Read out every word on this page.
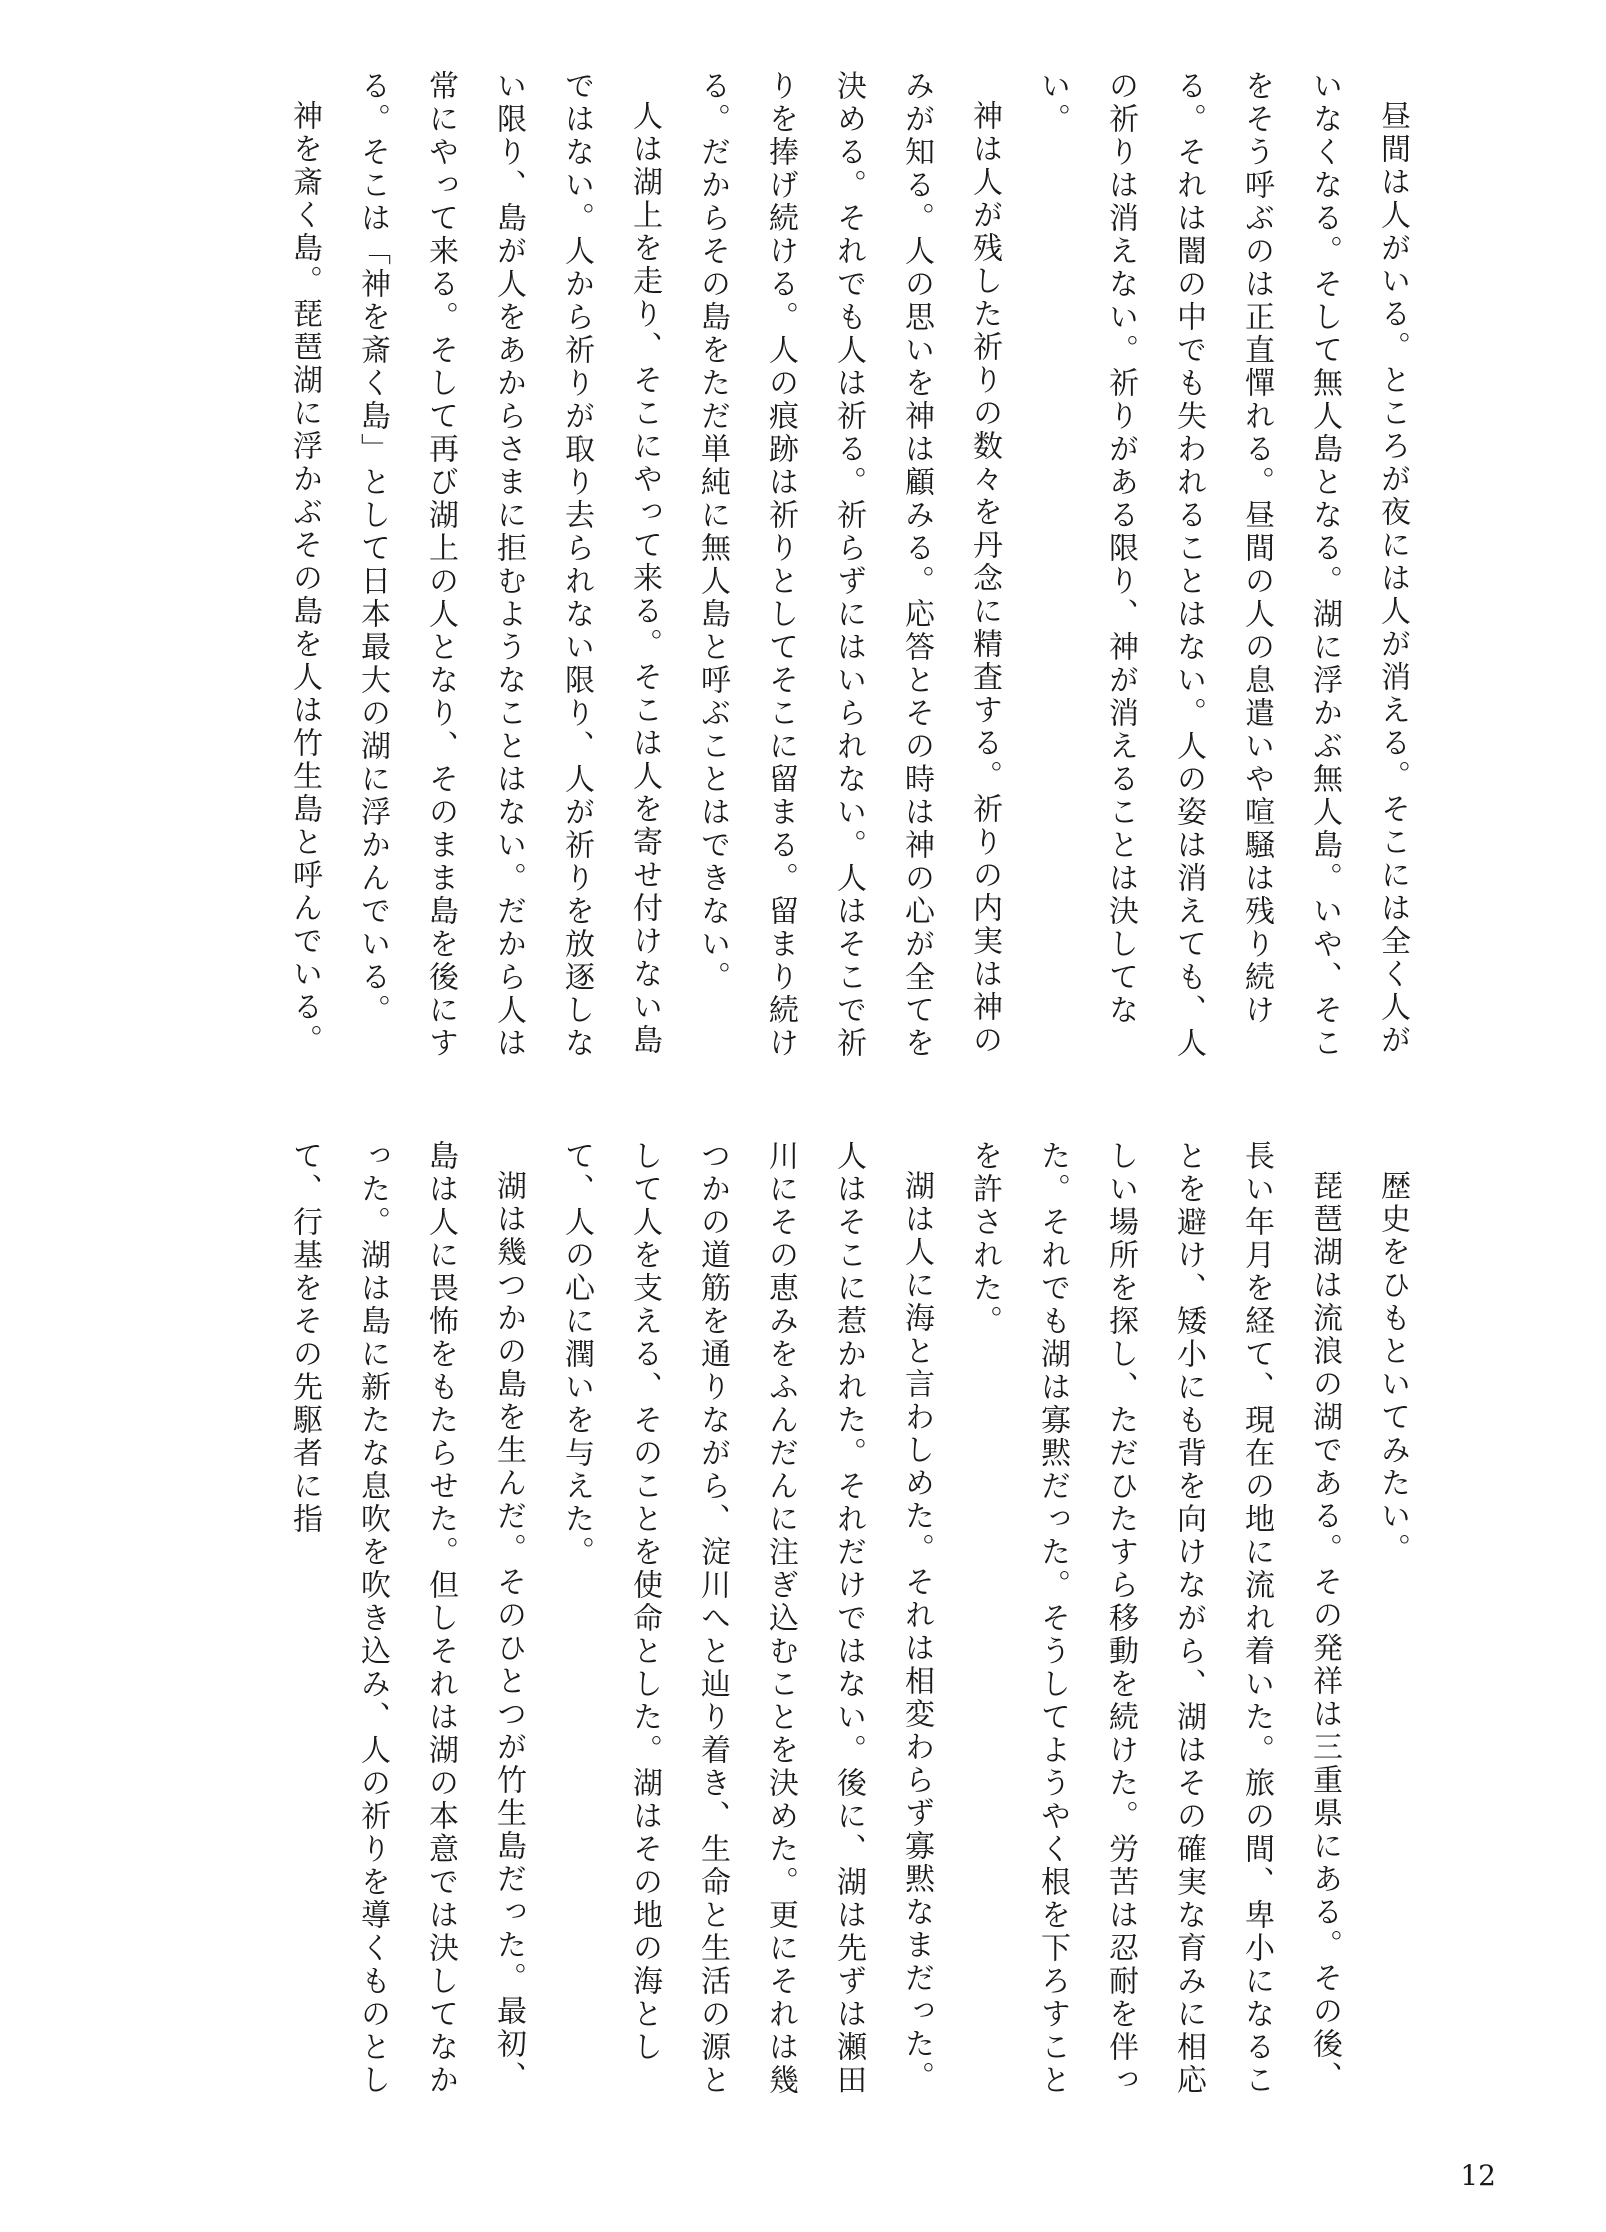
昼間は人がいる。ところが夜には人が消える。そこには全く人がいなくなる。そして無人島となる。湖に浮かぶ無人島。いや、そこをそう呼ぶのは正直憚れる。昼間の人の息遣いや喧騒は残り続ける。それは闇の中でも失われることはない。人の姿は消えても、人の祈りは消えない。祈りがある限り、神が消えることは決してない。

神は人が残した祈りの数々を丹念に精査する。祈りの内実は神のみが知る。人の思いを神は顧みる。応答とその時は神の心が全てを決める。それでも人は祈る。祈らずにはいられない。人はそこで祈りを捧げ続ける。人の痕跡は祈りとしてそこに留まる。留まり続ける。だからその島をただ単純に無人島と呼ぶことはできない。

人は湖上を走り、そこにやって来る。そこは人を寄せ付けない島ではない。人から祈りが取り去られない限り、人が祈りを放逐しない限り、島が人をあからさまに拒むようなことはない。だから人は常にやって来る。そして再び湖上の人となり、そのまま島を後にする。そこは「神を斎く島」として日本最大の湖に浮かんでいる。

神を斎く島。琵琶湖に浮かぶその島を人は竹生島と呼んでいる。

歴史をひもといてみたい。

琵琶湖は流浪の湖である。その発祥は三重県にある。その後、長い年月を経て、現在の地に流れ着いた。旅の間、卑小になることを避け、矮小にも背を向けながら、湖はその確実な育みに相応しい場所を探し、ただひたすら移動を続けた。労苦は忍耐を伴った。それでも湖は寡黙だった。そうしてようやく根を下ろすことを許された。

湖は人に海と言わしめた。それは相変わらず寡黙なまだった。人はそこに惹かれた。それだけではない。後に、湖は先ずは瀬田川にその恵みをふんだんに注ぎ込むことを決めた。更にそれは幾つかの道筋を通りながら、淀川へと辿り着き、生命と生活の源として人を支える、そのことを使命とした。湖はその地の海として、人の心に潤いを与えた。

湖は幾つかの島を生んだ。そのひとつが竹生島だった。最初、島は人に畏怖をもたらせた。但しそれは湖の本意では決してなかった。湖は島に新たな息吹を吹き込み、人の祈りを導くものとして、行基をその先駆者に指

12
